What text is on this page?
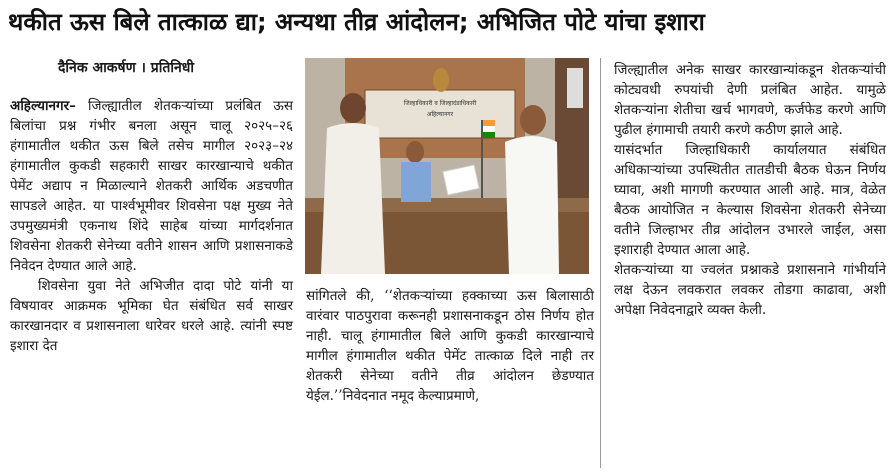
थकीत ऊस बिले तात्काळ द्या; अन्यथा तीव्र आंदोलन; अभिजित पोटे यांचा इशारा
दैनिक आकर्षण । प्रतिनिधी

अहिल्यानगर– जिल्ह्यातील शेतकऱ्यांच्या प्रलंबित ऊस बिलांचा प्रश्न गंभीर बनला असून चालू २०२५–२६ हंगामातील थकीत ऊस बिले तसेच मागील २०२३–२४ हंगामातील कुकडी सहकारी साखर कारखान्याचे थकीत पेमेंट अद्याप न मिळाल्याने शेतकरी आर्थिक अडचणीत सापडले आहेत. या पार्श्वभूमीवर शिवसेना पक्ष मुख्य नेते उपमुख्यमंत्री एकनाथ शिंदे साहेब यांच्या मार्गदर्शनात शिवसेना शेतकरी सेनेच्या वतीने शासन आणि प्रशासनाकडे निवेदन देण्यात आले आहे.

शिवसेना युवा नेते अभिजीत दादा पोटे यांनी या विषयावर आक्रमक भूमिका घेत संबंधित सर्व साखर कारखानदार व प्रशासनाला धारेवर धरले आहे. त्यांनी स्पष्ट इशारा देत

जिल्हाधिकारी व जिल्हादंडाधिकारी
अहिल्यानगर

सांगितले की, ‘‘शेतकऱ्यांच्या हक्काच्या ऊस बिलासाठी वारंवार पाठपुरावा करूनही प्रशासनाकडून ठोस निर्णय होत नाही. चालू हंगामातील बिले आणि कुकडी कारखान्याचे मागील हंगामातील थकीत पेमेंट तात्काळ दिले नाही तर शेतकरी सेनेच्या वतीने तीव्र आंदोलन छेडण्यात येईल.’’निवेदनात नमूद केल्याप्रमाणे,

जिल्ह्यातील अनेक साखर कारखान्यांकडून शेतकऱ्यांची कोट्यवधी रुपयांची देणी प्रलंबित आहेत. यामुळे शेतकऱ्यांना शेतीचा खर्च भागवणे, कर्जफेड करणे आणि पुढील हंगामाची तयारी करणे कठीण झाले आहे.

यासंदर्भात जिल्हाधिकारी कार्यालयात संबंधित अधिकाऱ्यांच्या उपस्थितीत तातडीची बैठक घेऊन निर्णय घ्यावा, अशी मागणी करण्यात आली आहे. मात्र, वेळेत बैठक आयोजित न केल्यास शिवसेना शेतकरी सेनेच्या वतीने जिल्हाभर तीव्र आंदोलन उभारले जाईल, असा इशाराही देण्यात आला आहे.

शेतकऱ्यांच्या या ज्वलंत प्रश्नाकडे प्रशासनाने गांभीर्याने लक्ष देऊन लवकरात लवकर तोडगा काढावा, अशी अपेक्षा निवेदनाद्वारे व्यक्त केली.
